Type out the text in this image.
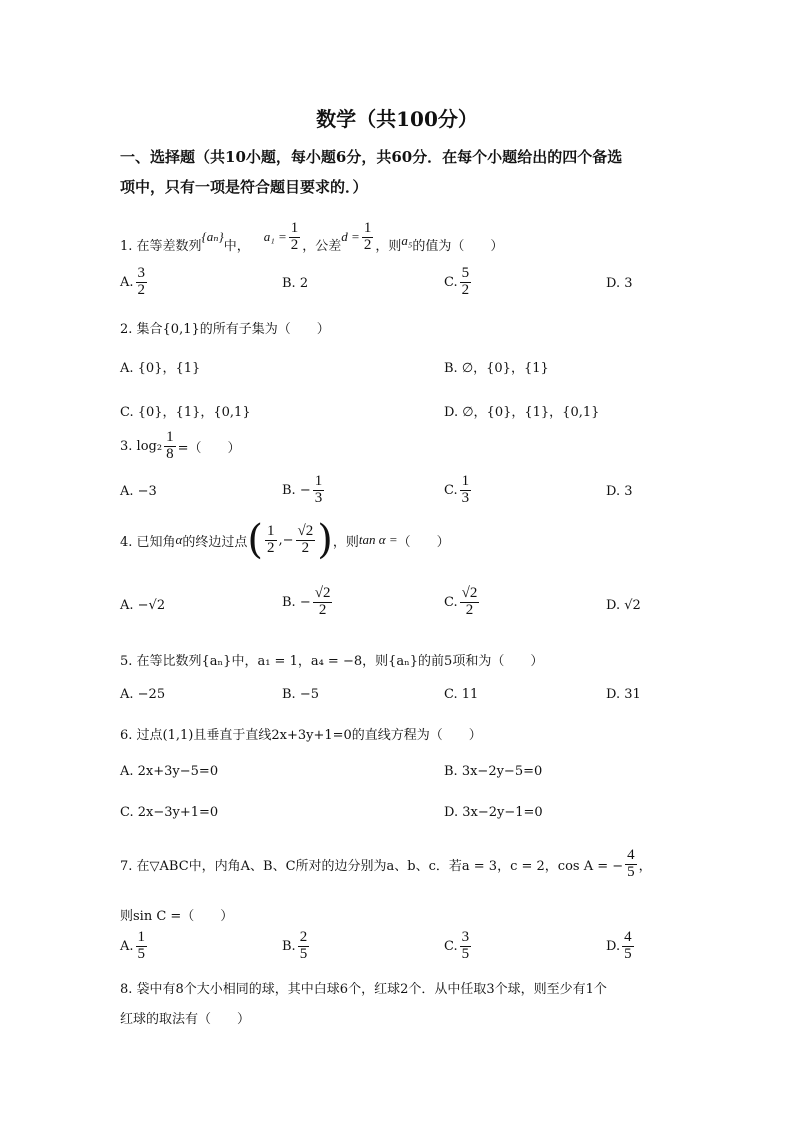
数学（共100分）
一、选择题（共10小题，每小题6分，共60分．在每个小题给出的四个备选
项中，只有一项是符合题目要求的．）
1. 在等差数列
{aₙ}
中，
$a_1 = \frac{1}{2}$ ，公差
$d = \frac{1}{2}$ ，则 a₅ 的值为（　　）
A. $\frac{3}{2}$	B. 2	C. $\frac{5}{2}$	D. 3
2. 集合{0,1}的所有子集为（　　）
A. {0}，{1}	B. ∅，{0}，{1}
C. {0}，{1}，{0,1}	D. ∅，{0}，{1}，{0,1}
3. $\log_2 \frac{1}{8}$ =（　　）
A. −3	B. − $\frac{1}{3}$	C. $\frac{1}{3}$	D. 3
4. 已知角 α 的终边过点 ( $\frac{1}{2}$ ,− $\frac{√2}{2}$ ) ，则 tan α = （　　）
A. −√2	B. − $\frac{√2}{2}$	C. $\frac{√2}{2}$	D. √2
5. 在等比数列{aₙ}中，a₁ = 1，a₄ = −8，则{aₙ}的前5项和为（　　）
A. −25	B. −5	C. 11	D. 31
6. 过点(1,1)且垂直于直线2x+3y+1=0的直线方程为（　　）
A. 2x+3y−5=0	B. 3x−2y−5=0
C. 2x−3y+1=0	D. 3x−2y−1=0
7. 在▽ABC中，内角A、B、C所对的边分别为a、b、c．若a = 3，c = 2，cos A = − $\frac{4}{5}$ ，
则sin C =（　　）
A. $\frac{1}{5}$	B. $\frac{2}{5}$	C. $\frac{3}{5}$	D. $\frac{4}{5}$
8. 袋中有8个大小相同的球，其中白球6个，红球2个．从中任取3个球，则至少有1个
红球的取法有（　　）
